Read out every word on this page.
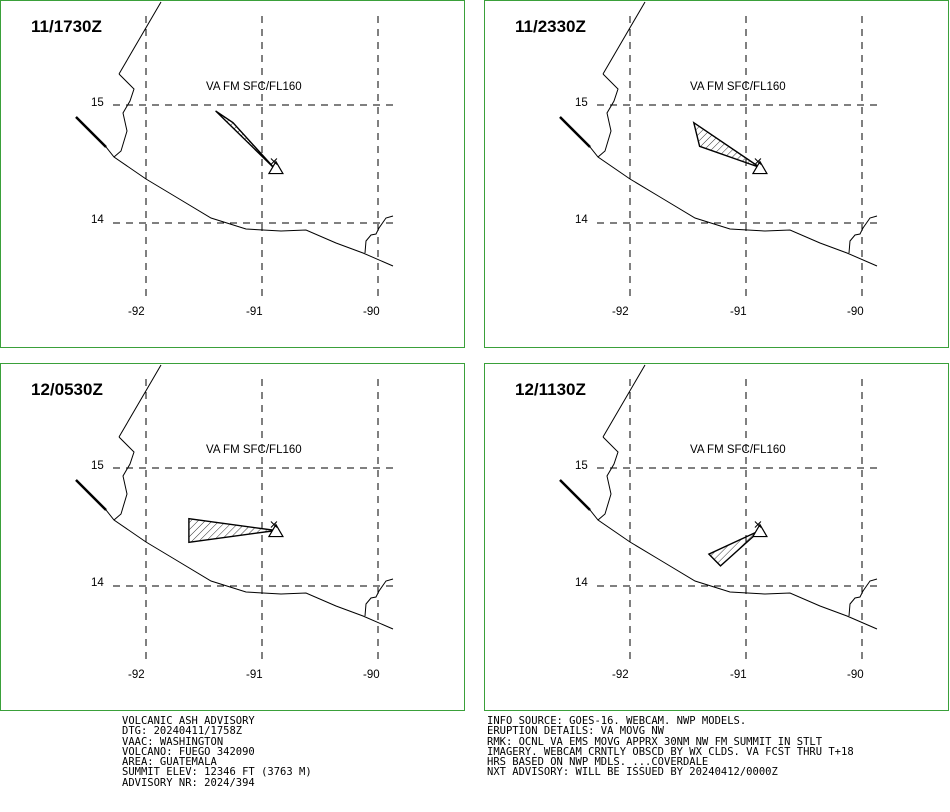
11/1730Z
VA FM SFC/FL160
15
14
-92	-91	-90
11/2330Z
VA FM SFC/FL160
15
14
-92	-91	-90
12/0530Z
VA FM SFC/FL160
15
14
-92	-91	-90
12/1130Z
VA FM SFC/FL160
15
14
-92	-91	-90
VOLCANIC ASH ADVISORY
DTG: 20240411/1758Z
VAAC: WASHINGTON
VOLCANO: FUEGO 342090
AREA: GUATEMALA
SUMMIT ELEV: 12346 FT (3763 M)
ADVISORY NR: 2024/394
INFO SOURCE: GOES-16. WEBCAM. NWP MODELS.
ERUPTION DETAILS: VA MOVG NW
RMK: OCNL VA EMS MOVG APPRX 30NM NW FM SUMMIT IN STLT
IMAGERY. WEBCAM CRNTLY OBSCD BY WX CLDS. VA FCST THRU T+18
HRS BASED ON NWP MDLS. ...COVERDALE
NXT ADVISORY: WILL BE ISSUED BY 20240412/0000Z
